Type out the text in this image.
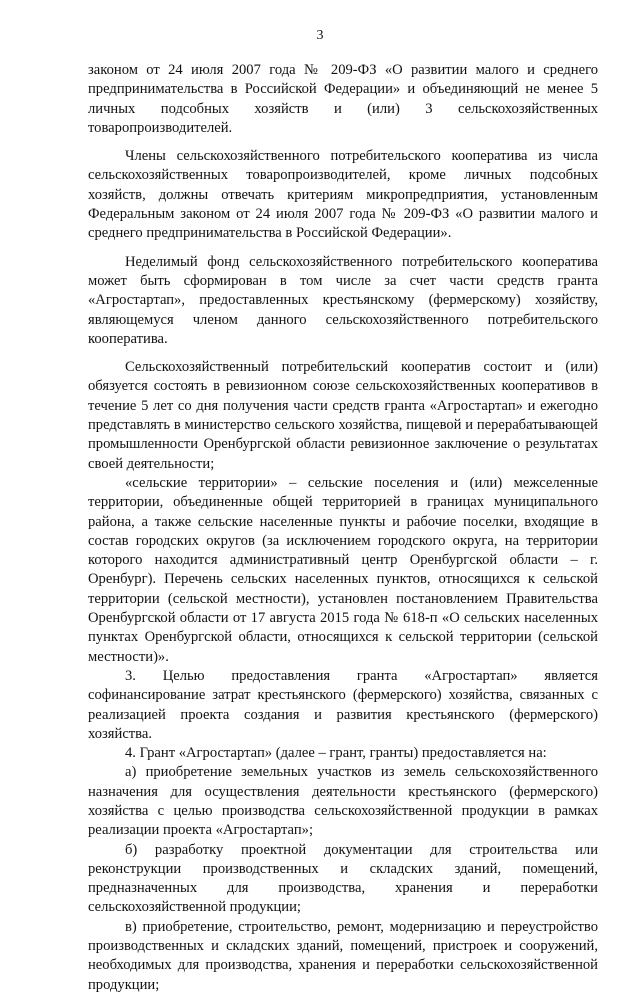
3

законом от 24 июля 2007 года № 209-ФЗ «О развитии малого и среднего предпринимательства в Российской Федерации» и объединяющий не менее 5 личных подсобных хозяйств и (или) 3 сельскохозяйственных товаропроизводителей.

Члены сельскохозяйственного потребительского кооператива из числа сельскохозяйственных товаропроизводителей, кроме личных подсобных хозяйств, должны отвечать критериям микропредприятия, установленным Федеральным законом от 24 июля 2007 года № 209-ФЗ «О развитии малого и среднего предпринимательства в Российской Федерации».

Неделимый фонд сельскохозяйственного потребительского кооператива может быть сформирован в том числе за счет части средств гранта «Агростартап», предоставленных крестьянскому (фермерскому) хозяйству, являющемуся членом данного сельскохозяйственного потребительского кооператива.

Сельскохозяйственный потребительский кооператив состоит и (или) обязуется состоять в ревизионном союзе сельскохозяйственных кооперативов в течение 5 лет со дня получения части средств гранта «Агростартап» и ежегодно представлять в министерство сельского хозяйства, пищевой и перерабатывающей промышленности Оренбургской области ревизионное заключение о результатах своей деятельности;

«сельские территории» – сельские поселения и (или) межселенные территории, объединенные общей территорией в границах муниципального района, а также сельские населенные пункты и рабочие поселки, входящие в состав городских округов (за исключением городского округа, на территории которого находится административный центр Оренбургской области – г. Оренбург). Перечень сельских населенных пунктов, относящихся к сельской территории (сельской местности), установлен постановлением Правительства Оренбургской области от 17 августа 2015 года № 618-п «О сельских населенных пунктах Оренбургской области, относящихся к сельской территории (сельской местности)».

3. Целью предоставления гранта «Агростартап» является софинансирование затрат крестьянского (фермерского) хозяйства, связанных с реализацией проекта создания и развития крестьянского (фермерского) хозяйства.

4. Грант «Агростартап» (далее – грант, гранты) предоставляется на:

а) приобретение земельных участков из земель сельскохозяйственного назначения для осуществления деятельности крестьянского (фермерского) хозяйства с целью производства сельскохозяйственной продукции в рамках реализации проекта «Агростартап»;

б) разработку проектной документации для строительства или реконструкции производственных и складских зданий, помещений, предназначенных для производства, хранения и переработки сельскохозяйственной продукции;

в) приобретение, строительство, ремонт, модернизацию и переустройство производственных и складских зданий, помещений, пристроек и сооружений, необходимых для производства, хранения и переработки сельскохозяйственной продукции;
